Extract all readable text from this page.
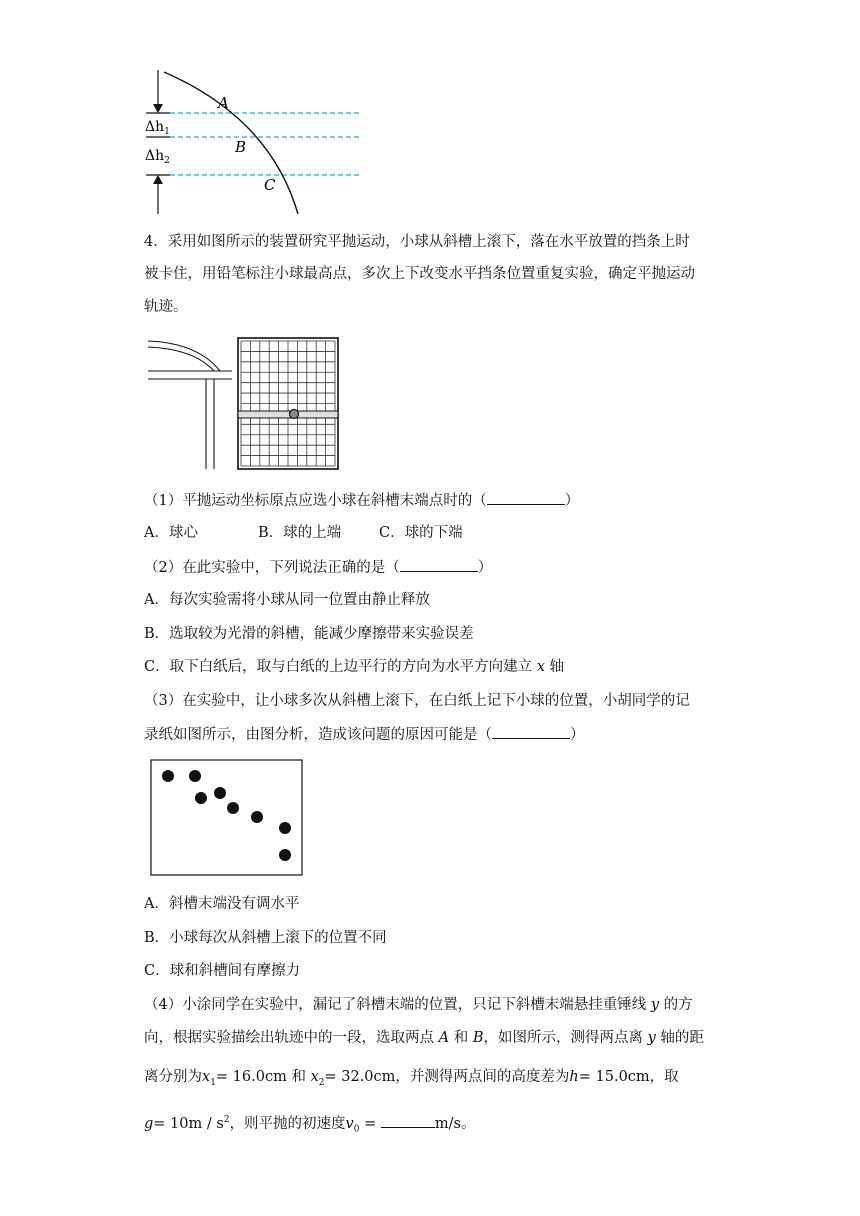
A
B
C
$\Delta h_1$
$\Delta h_2$
4．采用如图所示的装置研究平抛运动，小球从斜槽上滚下，落在水平放置的挡条上时
被卡住，用铅笔标注小球最高点，多次上下改变水平挡条位置重复实验，确定平抛运动
轨迹。
（1）平抛运动坐标原点应选小球在斜槽末端点时的（	）
A．球心	B．球的上端	C．球的下端
（2）在此实验中，下列说法正确的是（	）
A．每次实验需将小球从同一位置由静止释放
B．选取较为光滑的斜槽，能减少摩擦带来实验误差
C．取下白纸后，取与白纸的上边平行的方向为水平方向建立 x 轴
（3）在实验中，让小球多次从斜槽上滚下，在白纸上记下小球的位置，小胡同学的记
录纸如图所示，由图分析，造成该问题的原因可能是（	）
A．斜槽末端没有调水平
B．小球每次从斜槽上滚下的位置不同
C．球和斜槽间有摩擦力
（4）小涂同学在实验中，漏记了斜槽末端的位置，只记下斜槽末端悬挂重锤线 y 的方
向，根据实验描绘出轨迹中的一段，选取两点 A 和 B，如图所示，测得两点离 y 轴的距
离分别为$x_1= 16.0cm$ 和 $x_2= 32.0cm$，并测得两点间的高度差为h= 15.0cm，取
$g= 10m / s^2$，则平抛的初速度$v_0$ =	m/s。
